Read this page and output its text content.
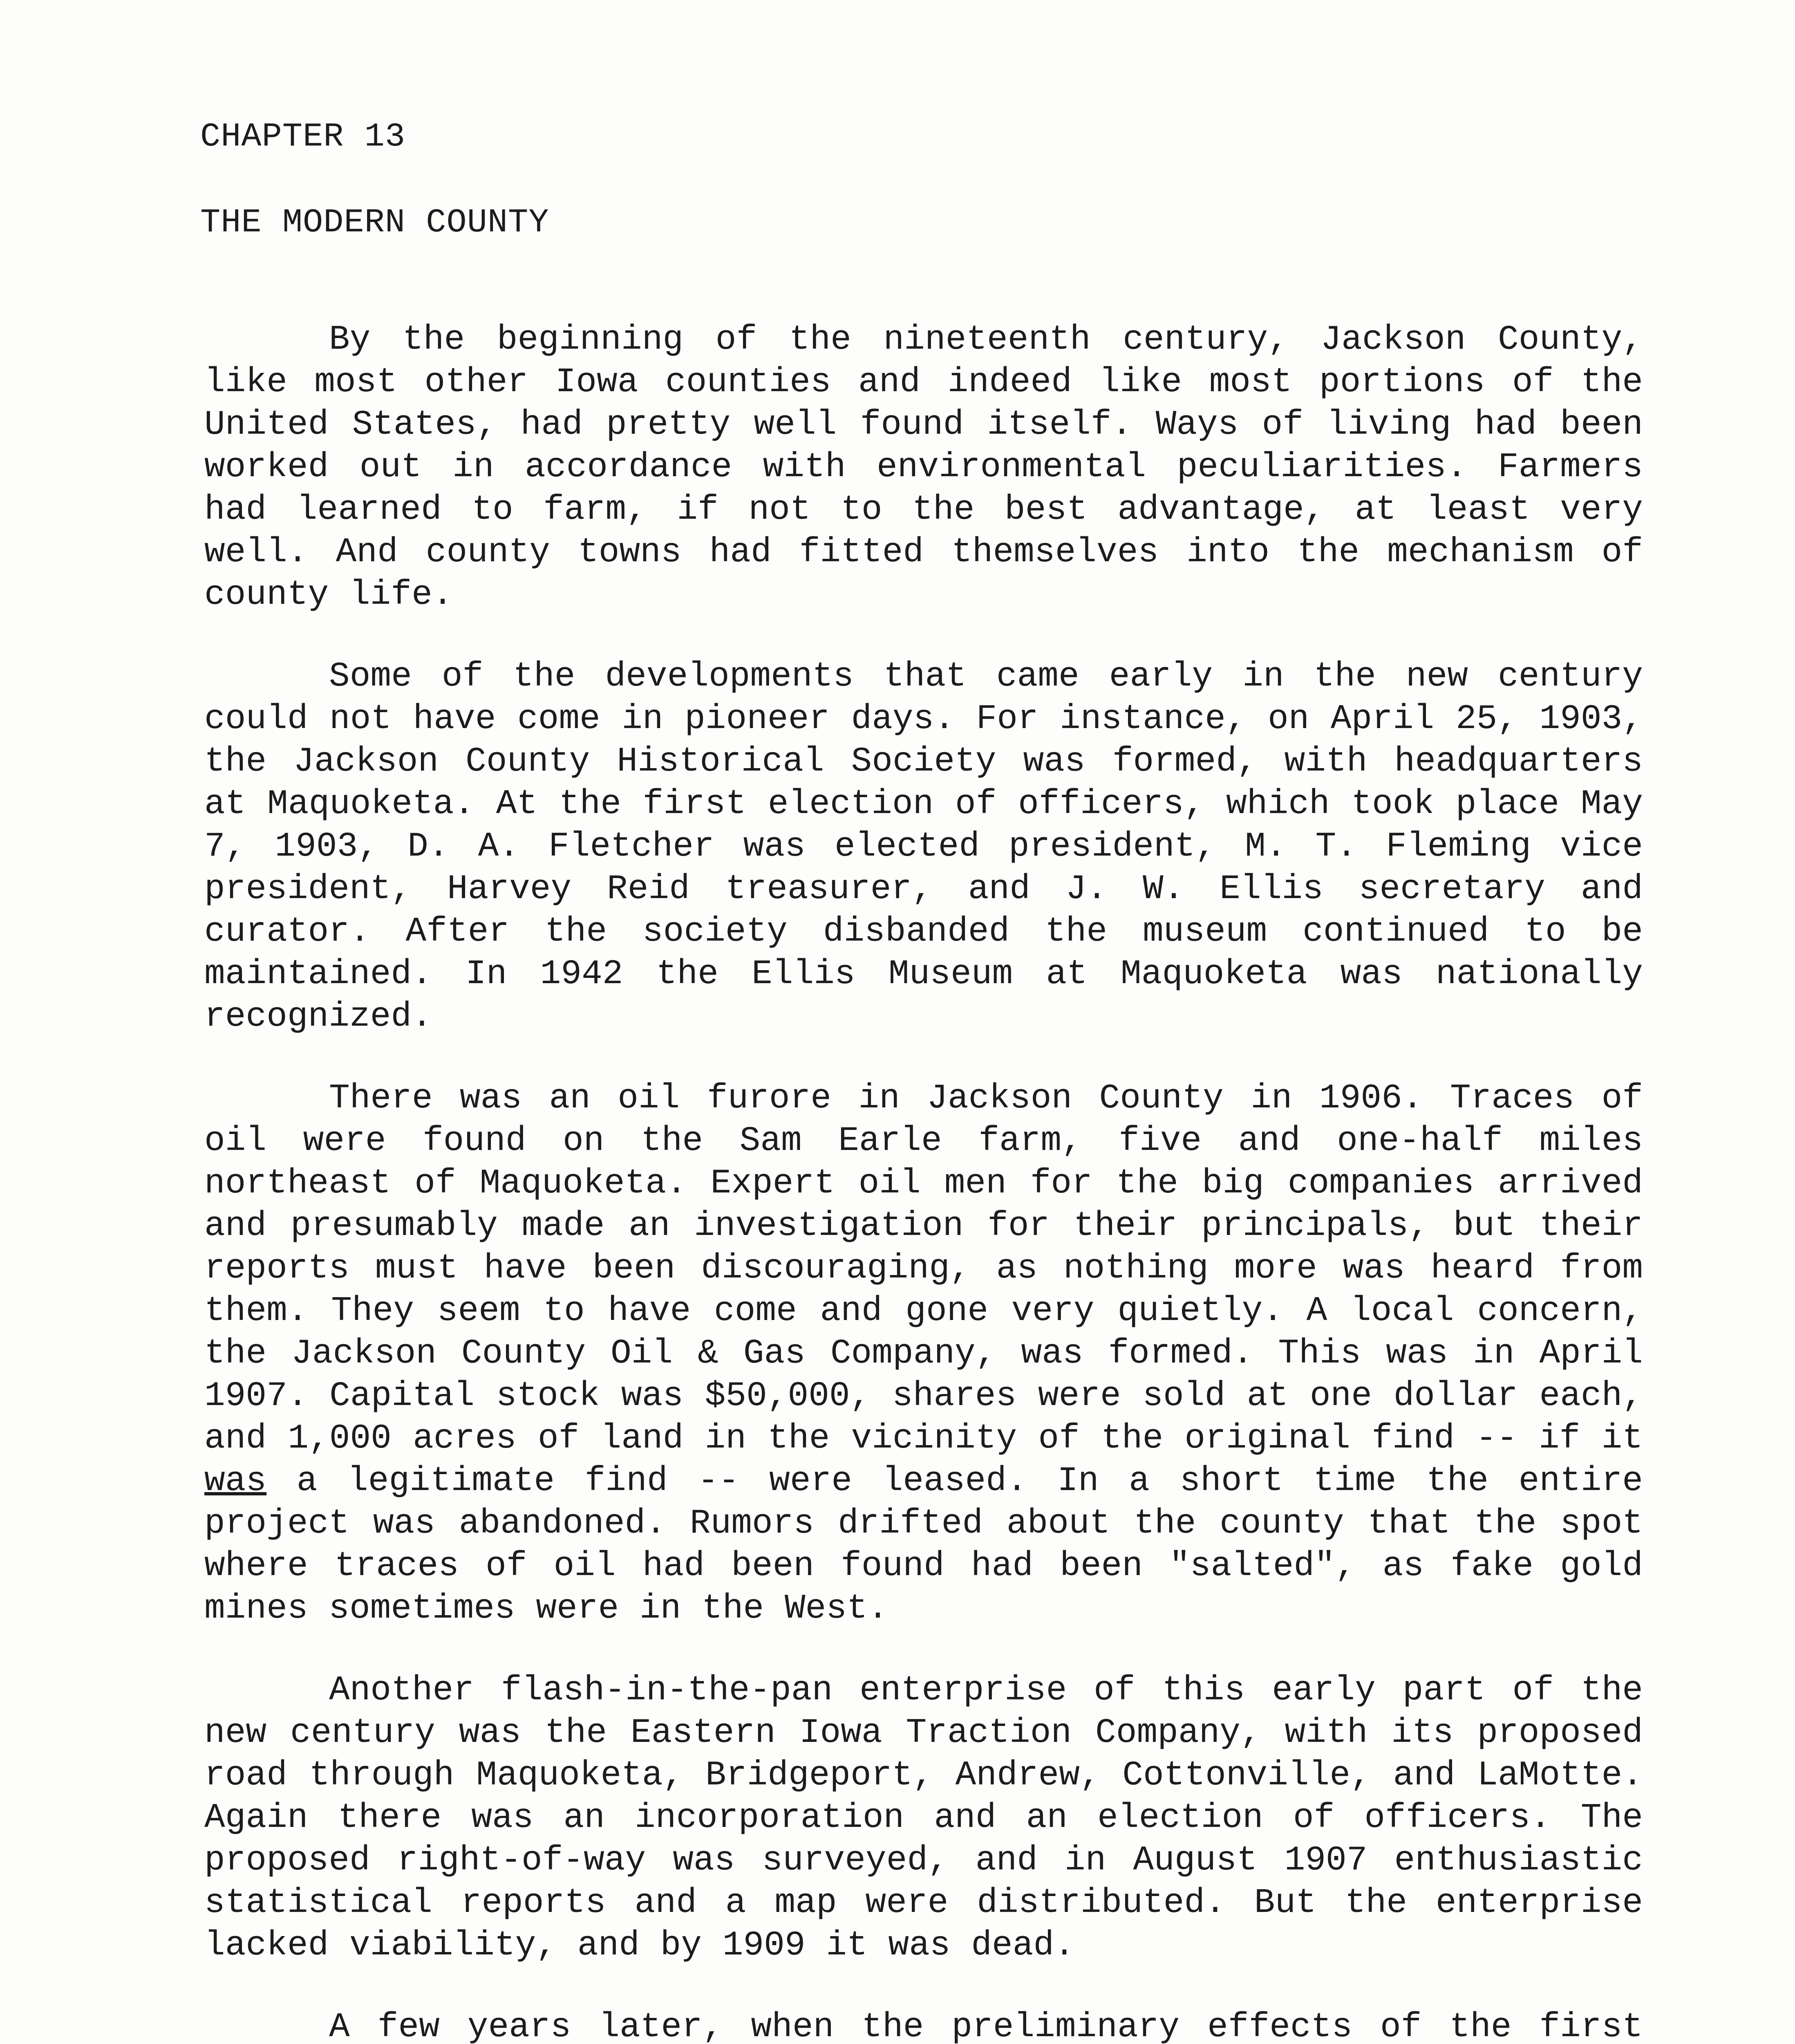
CHAPTER 13
THE MODERN COUNTY

By the beginning of the nineteenth century, Jackson County, like most other Iowa counties and indeed like most portions of the United States, had pretty well found itself. Ways of living had been worked out in accordance with environmental peculiarities. Farmers had learned to farm, if not to the best advantage, at least very well. And county towns had fitted themselves into the mechanism of county life.

Some of the developments that came early in the new century could not have come in pioneer days. For instance, on April 25, 1903, the Jackson County Historical Society was formed, with headquarters at Maquoketa. At the first election of officers, which took place May 7, 1903, D. A. Fletcher was elected president, M. T. Fleming vice president, Harvey Reid treasurer, and J. W. Ellis secretary and curator. After the society disbanded the museum continued to be maintained. In 1942 the Ellis Museum at Maquoketa was nationally recognized.

There was an oil furore in Jackson County in 1906. Traces of oil were found on the Sam Earle farm, five and one-half miles northeast of Maquoketa. Expert oil men for the big companies arrived and presumably made an investigation for their principals, but their reports must have been discouraging, as nothing more was heard from them. They seem to have come and gone very quietly. A local concern, the Jackson County Oil & Gas Company, was formed. This was in April 1907. Capital stock was $50,000, shares were sold at one dollar each, and 1,000 acres of land in the vicinity of the original find -- if it was a legitimate find -- were leased. In a short time the entire project was abandoned. Rumors drifted about the county that the spot where traces of oil had been found had been "salted", as fake gold mines sometimes were in the West.

Another flash-in-the-pan enterprise of this early part of the new century was the Eastern Iowa Traction Company, with its proposed road through Maquoketa, Bridgeport, Andrew, Cottonville, and LaMotte. Again there was an incorporation and an election of officers. The proposed right-of-way was surveyed, and in August 1907 enthusiastic statistical reports and a map were distributed. But the enterprise lacked viability, and by 1909 it was dead.

A few years later, when the preliminary effects of the first
